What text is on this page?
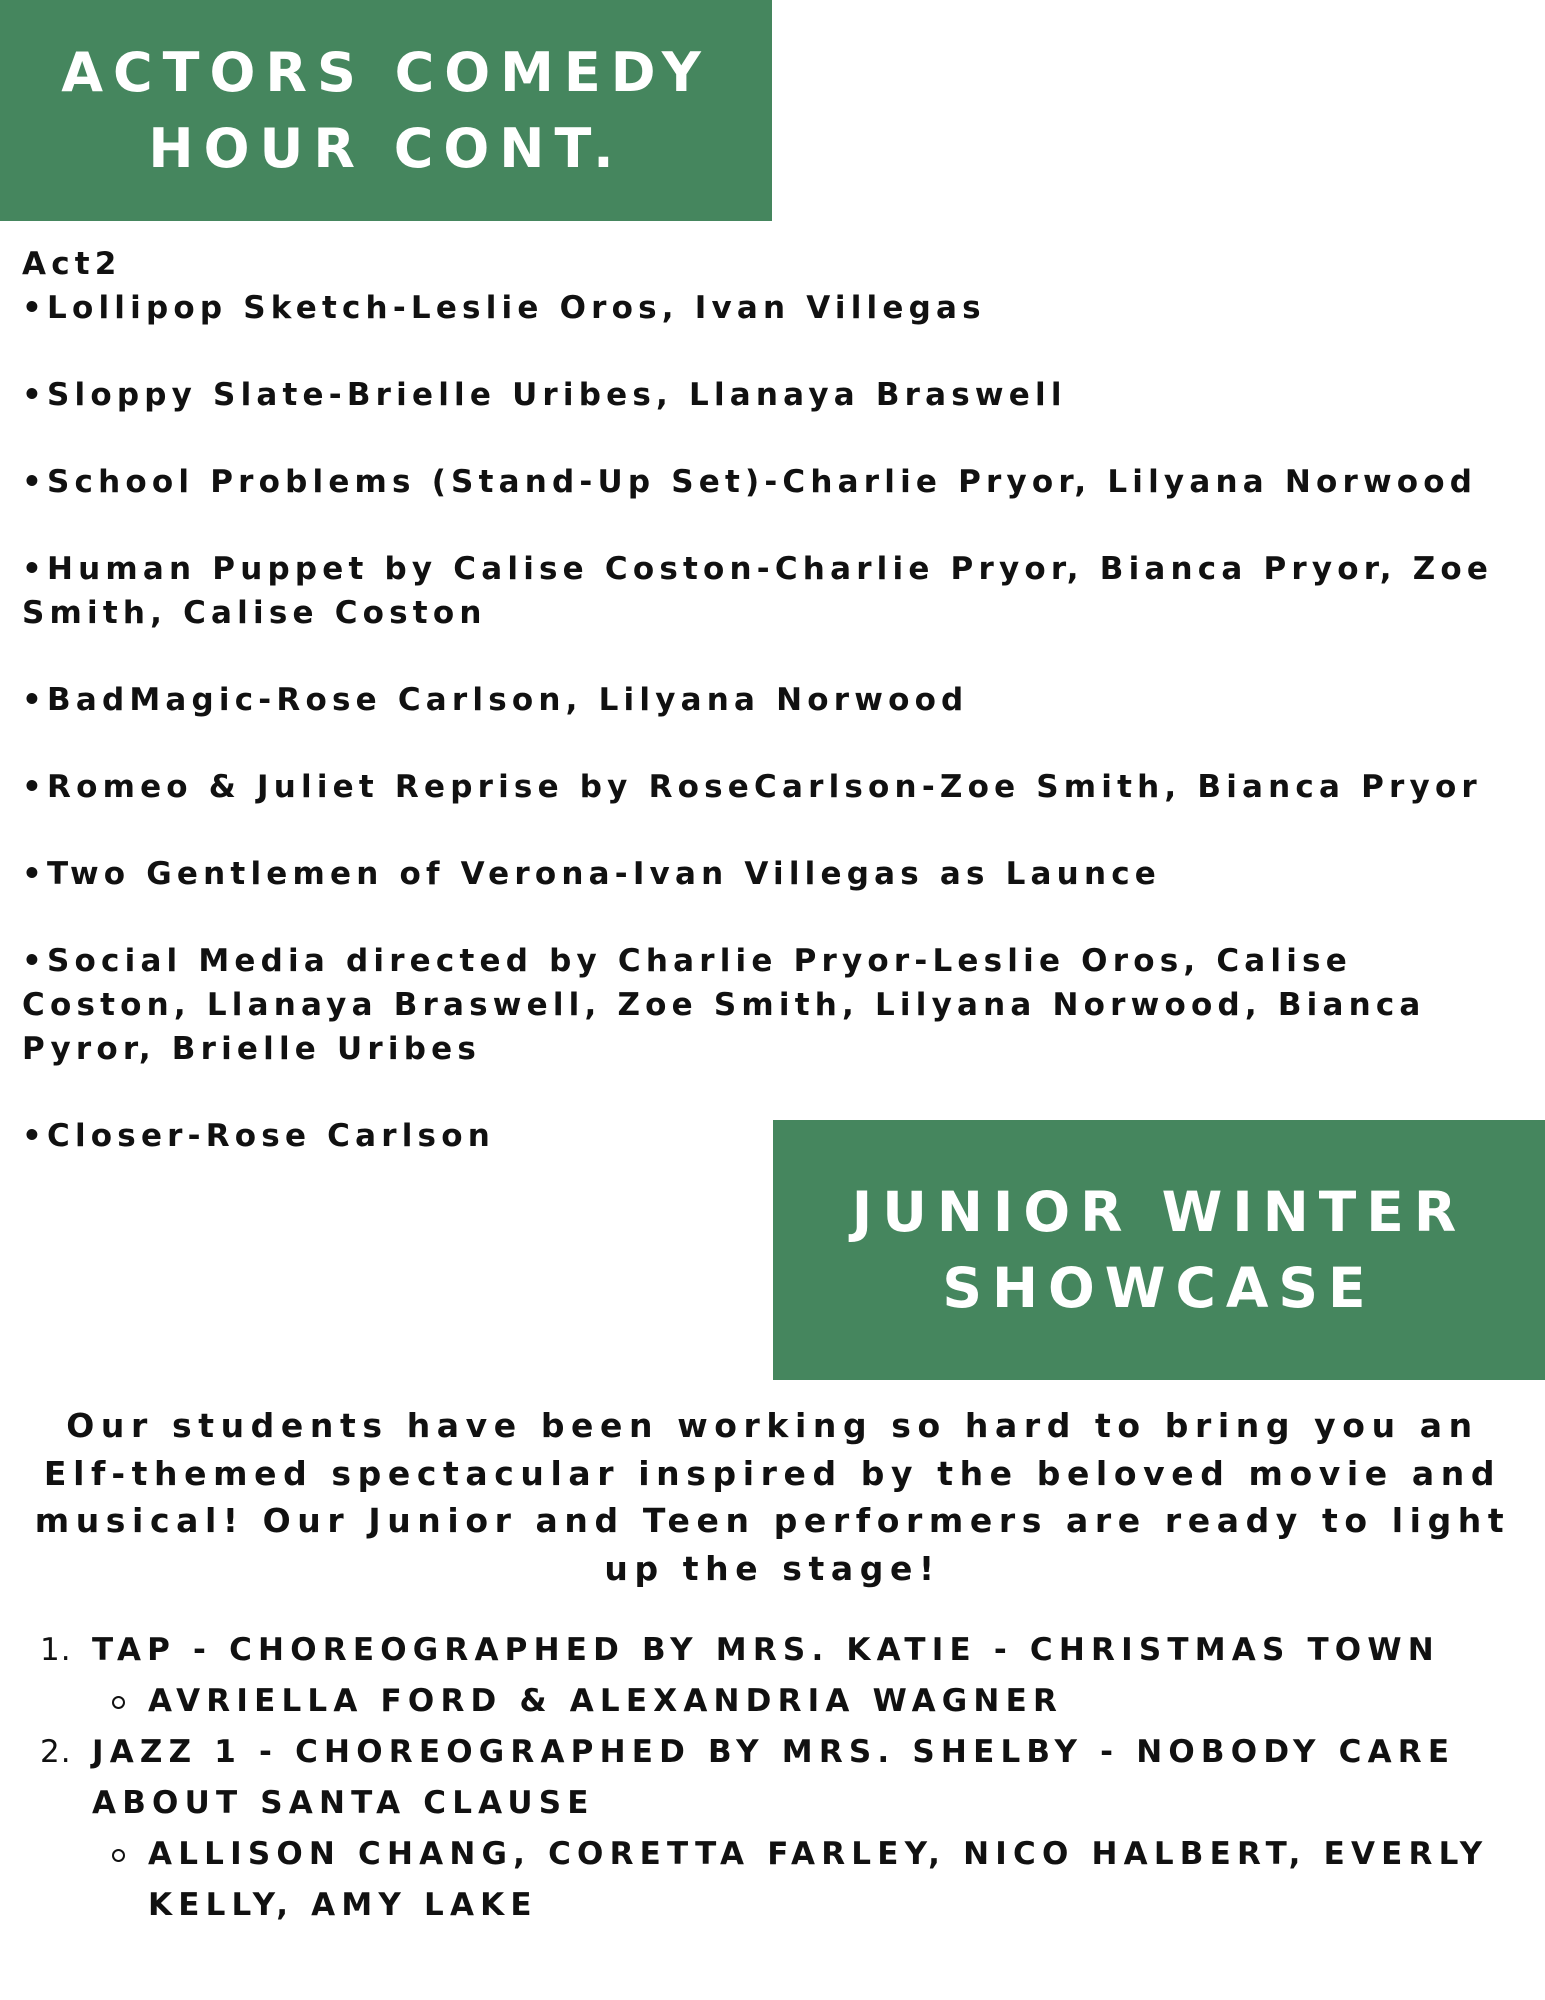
ACTORS COMEDY
HOUR CONT.
Act2
•Lollipop Sketch-Leslie Oros, Ivan Villegas
•Sloppy Slate-Brielle Uribes, Llanaya Braswell
•School Problems (Stand-Up Set)-Charlie Pryor, Lilyana Norwood
•Human Puppet by Calise Coston-Charlie Pryor, Bianca Pryor, Zoe Smith, Calise Coston
•BadMagic-Rose Carlson, Lilyana Norwood
•Romeo & Juliet Reprise by RoseCarlson-Zoe Smith, Bianca Pryor
•Two Gentlemen of Verona-Ivan Villegas as Launce
•Social Media directed by Charlie Pryor-Leslie Oros, Calise Coston, Llanaya Braswell, Zoe Smith, Lilyana Norwood, Bianca Pyror, Brielle Uribes
•Closer-Rose Carlson
JUNIOR WINTER
SHOWCASE
Our students have been working so hard to bring you an Elf-themed spectacular inspired by the beloved movie and musical! Our Junior and Teen performers are ready to light up the stage!
1. TAP - CHOREOGRAPHED BY MRS. KATIE - CHRISTMAS TOWN
AVRIELLA FORD & ALEXANDRIA WAGNER
2. JAZZ 1 - CHOREOGRAPHED BY MRS. SHELBY - NOBODY CARE ABOUT SANTA CLAUSE
ALLISON CHANG, CORETTA FARLEY, NICO HALBERT, EVERLY KELLY, AMY LAKE
